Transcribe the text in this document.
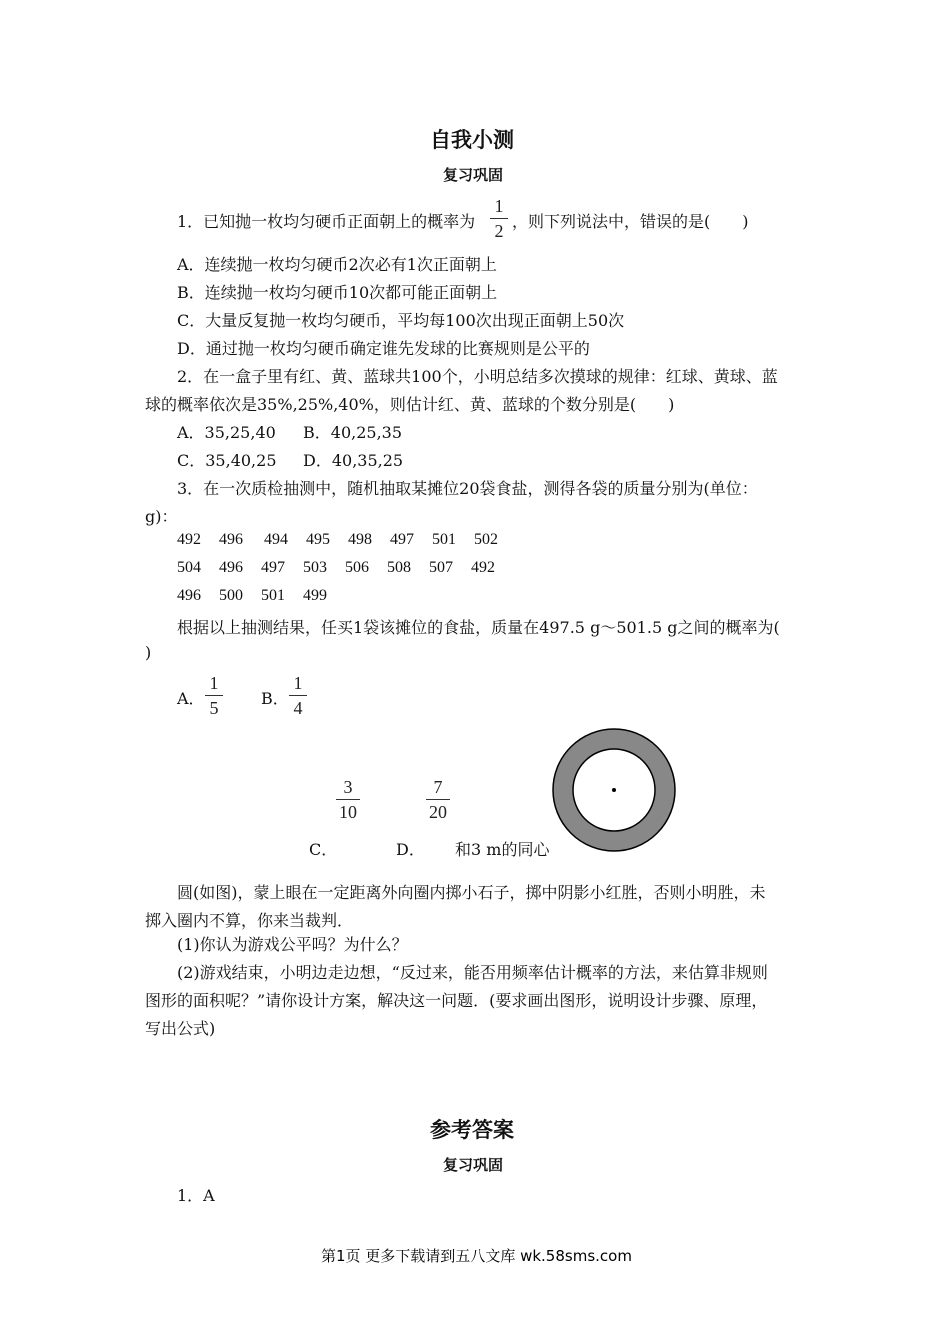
自我小测
复习巩固
1．已知抛一枚均匀硬币正面朝上的概率为
1
2 ，则下列说法中，错误的是(　　)
A．连续抛一枚均匀硬币2次必有1次正面朝上
B．连续抛一枚均匀硬币10次都可能正面朝上
C．大量反复抛一枚均匀硬币，平均每100次出现正面朝上50次
D．通过抛一枚均匀硬币确定谁先发球的比赛规则是公平的
2．在一盒子里有红、黄、蓝球共100个，小明总结多次摸球的规律：红球、黄球、蓝
球的概率依次是35%,25%,40%，则估计红、黄、蓝球的个数分别是(　　)
A．35,25,40 B．40,25,35
C．35,40,25 D．40,35,25
3．在一次质检抽测中，随机抽取某摊位20袋食盐，测得各袋的质量分别为(单位：
g)：
492 496 494 495 498 497 501 502
504 496 497 503 506 508 507 492
496 500 501 499
根据以上抽测结果，任买1袋该摊位的食盐，质量在497.5 g～501.5 g之间的概率为(
)
A．
1
5	B．
1
4
3
10
7
20
C．	D． 和3 m的同心
圆(如图)，蒙上眼在一定距离外向圈内掷小石子，掷中阴影小红胜，否则小明胜，未
掷入圈内不算，你来当裁判．
(1)你认为游戏公平吗？为什么？
(2)游戏结束，小明边走边想，“反过来，能否用频率估计概率的方法，来估算非规则
图形的面积呢？”请你设计方案，解决这一问题．(要求画出图形，说明设计步骤、原理，
写出公式)
参考答案
复习巩固
1．A
第1页 更多下载请到五八文库 wk.58sms.com
